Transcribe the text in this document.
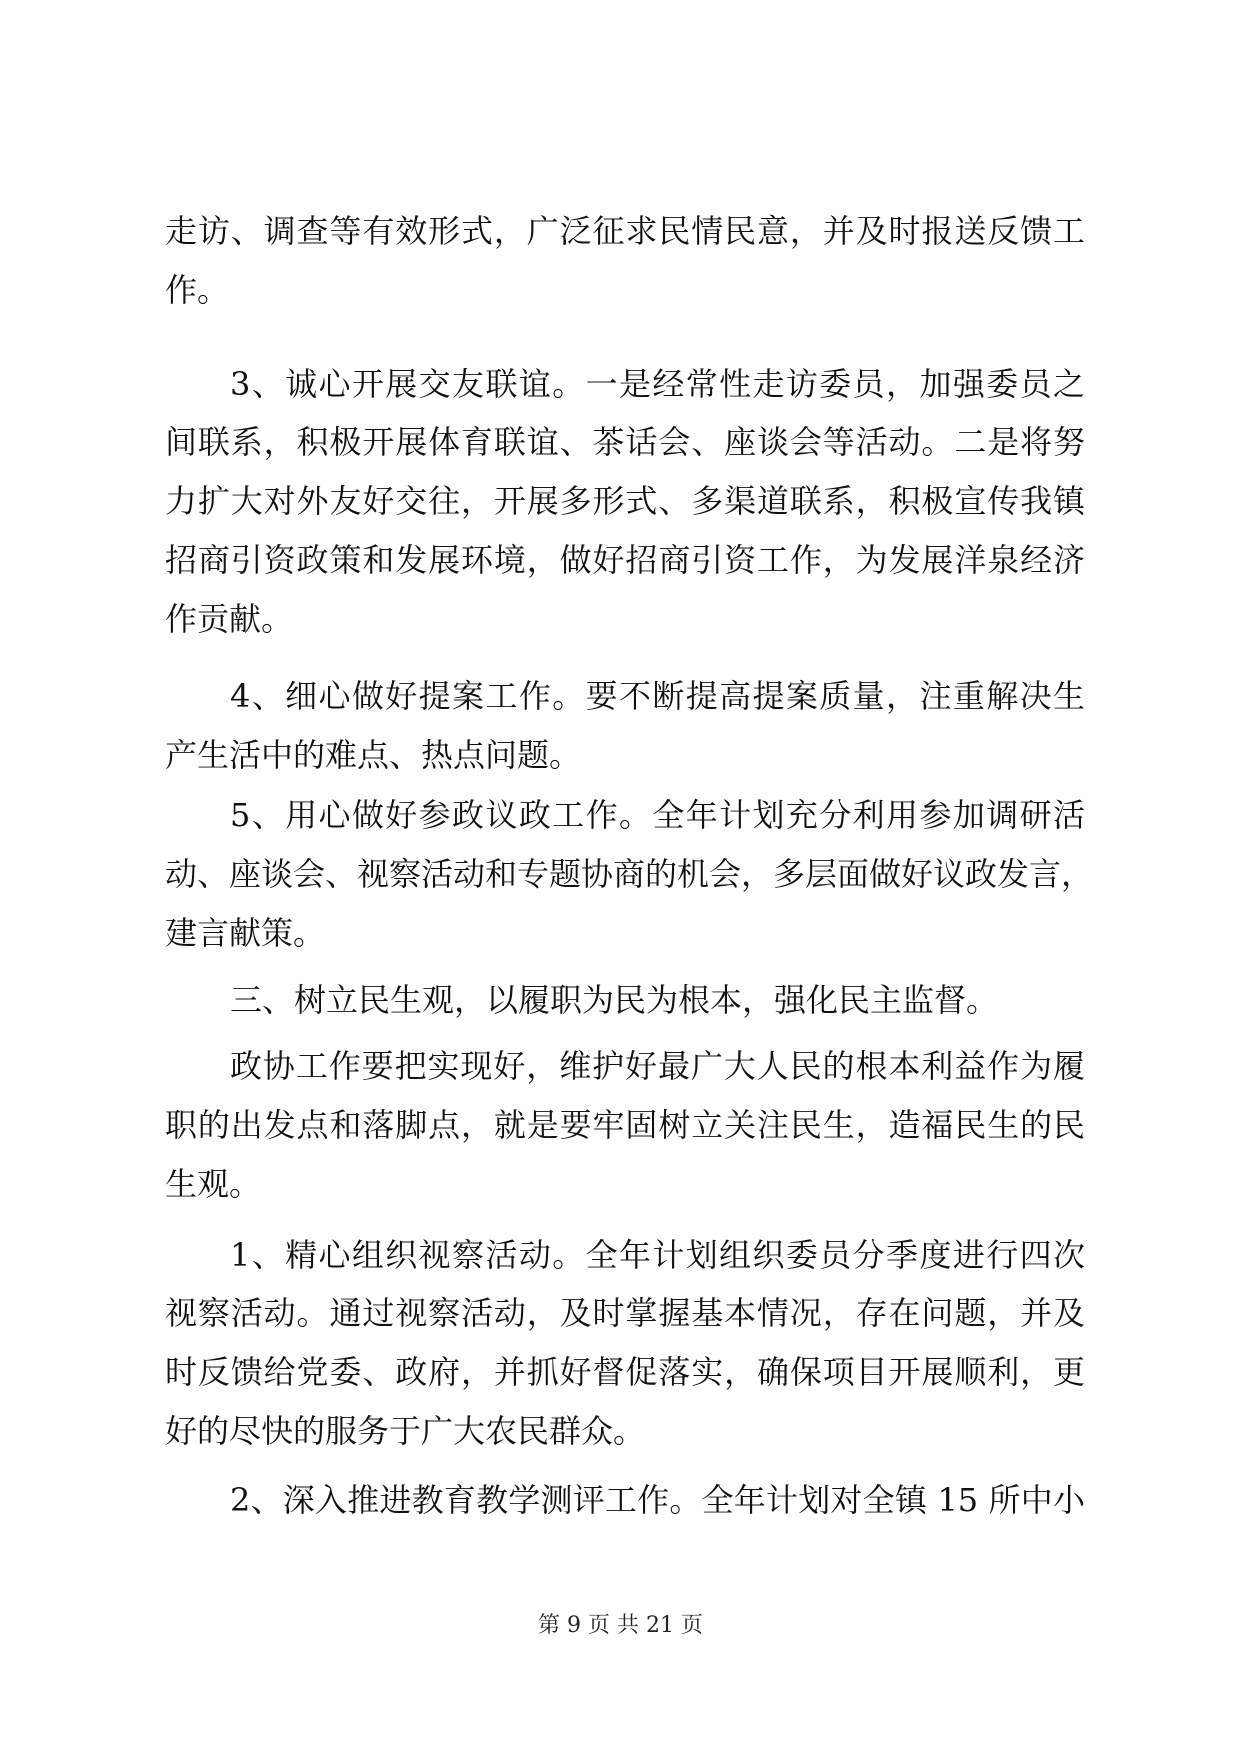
走访、调查等有效形式，广泛征求民情民意，并及时报送反馈工
作。
3、诚心开展交友联谊。一是经常性走访委员，加强委员之
间联系，积极开展体育联谊、茶话会、座谈会等活动。二是将努
力扩大对外友好交往，开展多形式、多渠道联系，积极宣传我镇
招商引资政策和发展环境，做好招商引资工作，为发展洋泉经济
作贡献。
4、细心做好提案工作。要不断提高提案质量，注重解决生
产生活中的难点、热点问题。
5、用心做好参政议政工作。全年计划充分利用参加调研活
动、座谈会、视察活动和专题协商的机会，多层面做好议政发言，
建言献策。
三、树立民生观，以履职为民为根本，强化民主监督。
政协工作要把实现好，维护好最广大人民的根本利益作为履
职的出发点和落脚点，就是要牢固树立关注民生，造福民生的民
生观。
1、精心组织视察活动。全年计划组织委员分季度进行四次
视察活动。通过视察活动，及时掌握基本情况，存在问题，并及
时反馈给党委、政府，并抓好督促落实，确保项目开展顺利，更
好的尽快的服务于广大农民群众。
2、深入推进教育教学测评工作。全年计划对全镇 15 所中小
第 9 页 共 21 页
